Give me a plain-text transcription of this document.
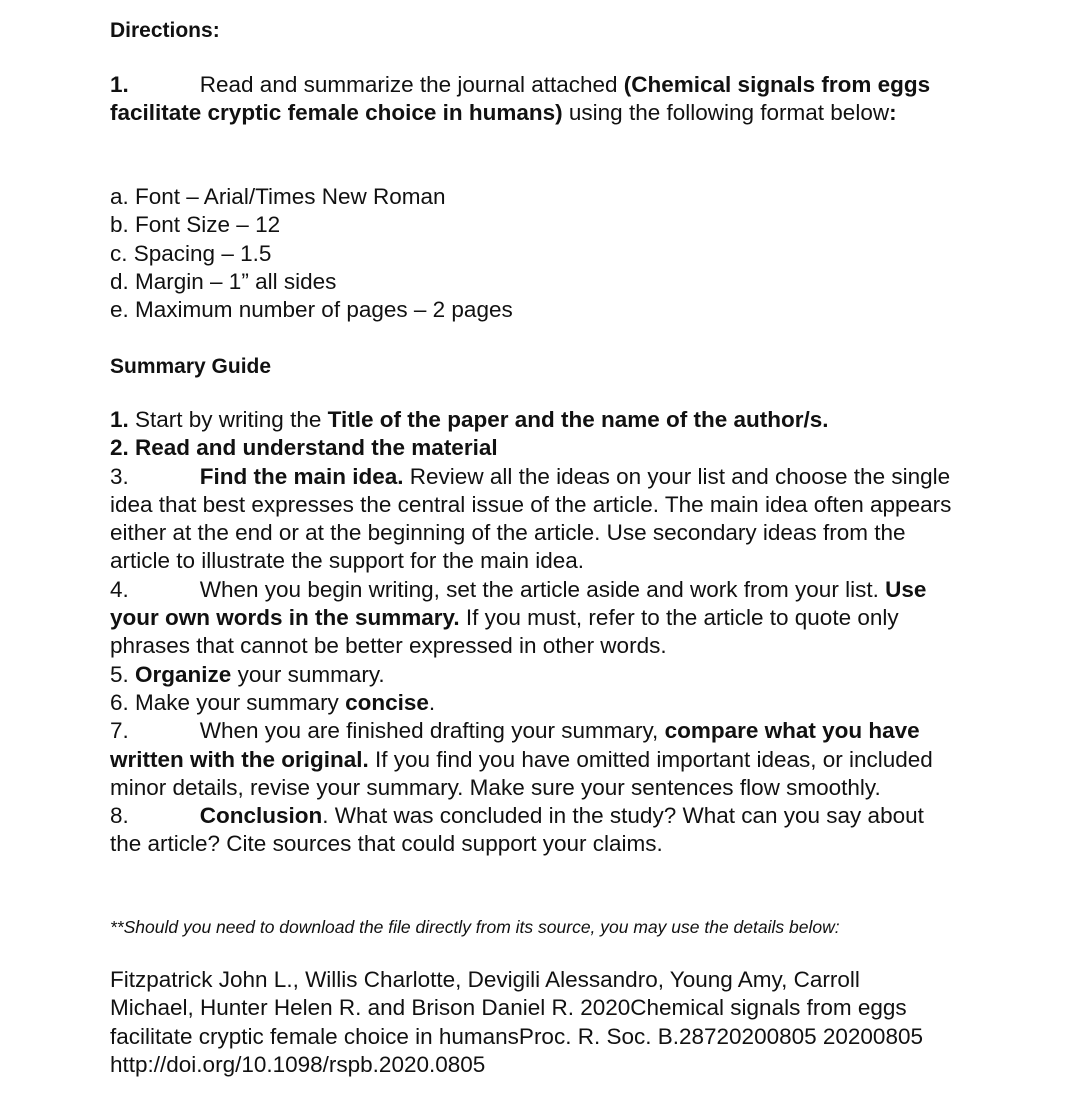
Directions:
1.	Read and summarize the journal attached (Chemical signals from eggs facilitate cryptic female choice in humans) using the following format below:
a. Font – Arial/Times New Roman
b. Font Size – 12
c. Spacing – 1.5
d. Margin – 1” all sides
e. Maximum number of pages – 2 pages
Summary Guide
1. Start by writing the Title of the paper and the name of the author/s.
2. Read and understand the material
3.	Find the main idea. Review all the ideas on your list and choose the single idea that best expresses the central issue of the article. The main idea often appears either at the end or at the beginning of the article. Use secondary ideas from the article to illustrate the support for the main idea.
4.	When you begin writing, set the article aside and work from your list. Use your own words in the summary. If you must, refer to the article to quote only phrases that cannot be better expressed in other words.
5. Organize your summary.
6. Make your summary concise.
7.	When you are finished drafting your summary, compare what you have written with the original. If you find you have omitted important ideas, or included minor details, revise your summary. Make sure your sentences flow smoothly.
8.	Conclusion. What was concluded in the study? What can you say about the article? Cite sources that could support your claims.
**Should you need to download the file directly from its source, you may use the details below:
Fitzpatrick John L., Willis Charlotte, Devigili Alessandro, Young Amy, Carroll
Michael, Hunter Helen R. and Brison Daniel R. 2020Chemical signals from eggs
facilitate cryptic female choice in humansProc. R. Soc. B.28720200805 20200805
http://doi.org/10.1098/rspb.2020.0805
